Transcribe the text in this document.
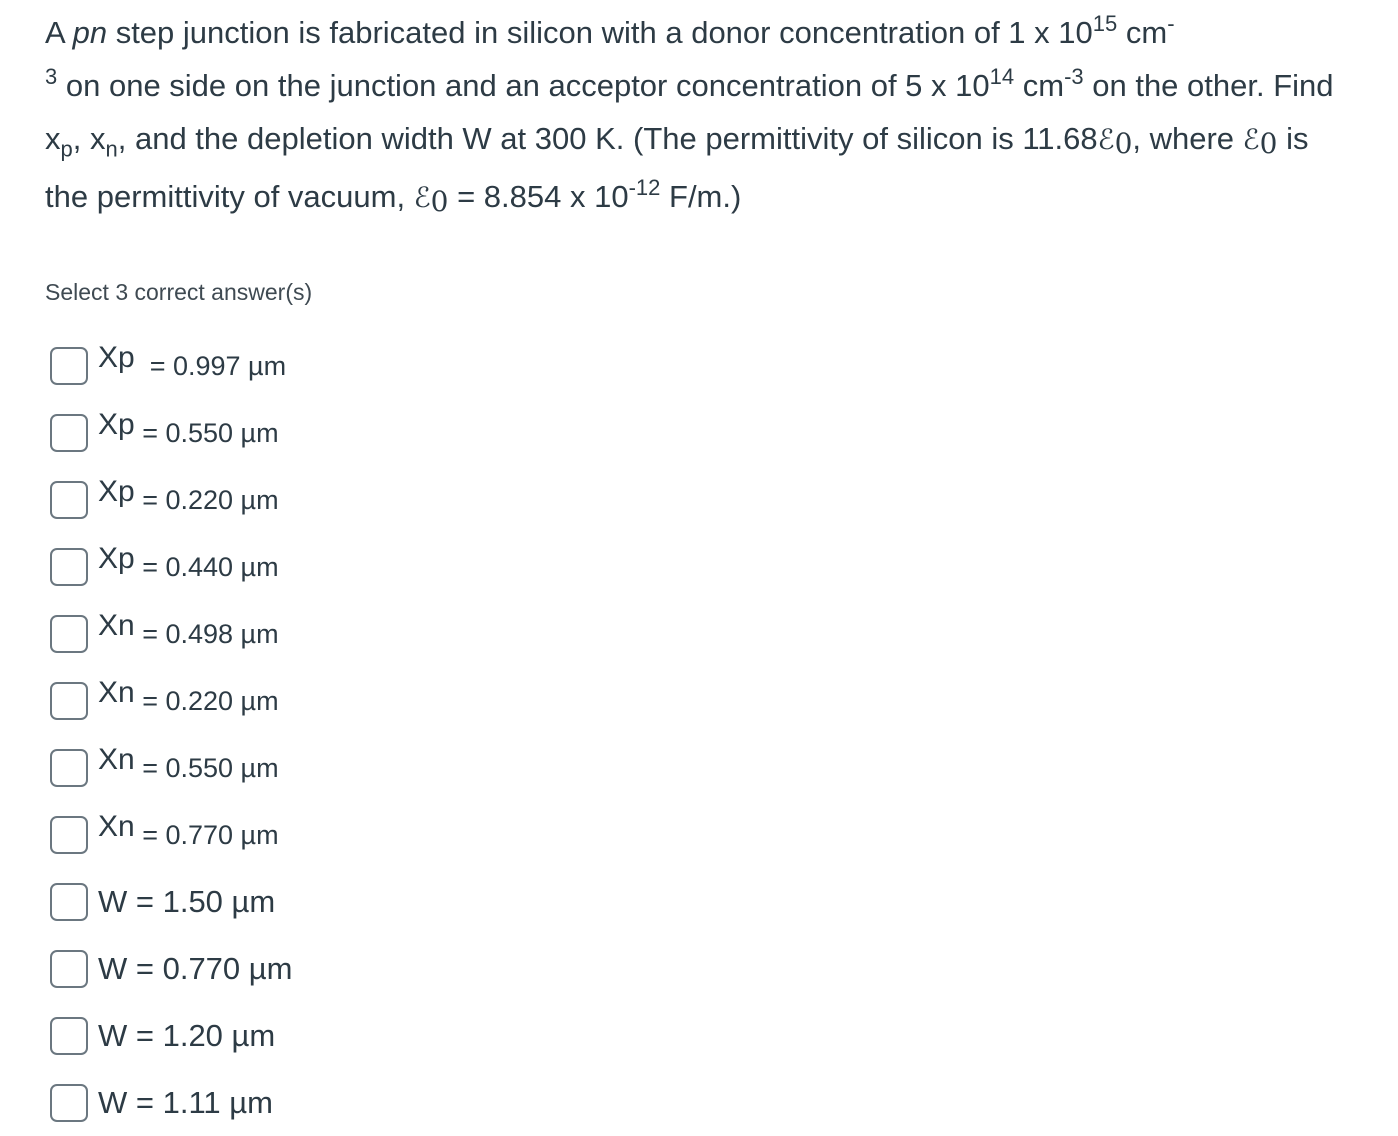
A pn step junction is fabricated in silicon with a donor concentration of 1 x $10^{15}$ cm-
$^3$ on one side on the junction and an acceptor concentration of 5 x $10^{14}$ $cm^{-3}$ on the other. Find $x_p$, $x_n$, and the depletion width W at 300 K. (The permittivity of silicon is 11.68ℰ0, where ℰ0 is the permittivity of vacuum, ℰ0 = 8.854 x $10^{-12}$ F/m.)
Select 3 correct answer(s)
Xp  = 0.997 µm
Xp = 0.550 µm
Xp = 0.220 µm
Xp = 0.440 µm
Xn = 0.498 µm
Xn = 0.220 µm
Xn = 0.550 µm
Xn = 0.770 µm
W = 1.50 µm
W = 0.770 µm
W = 1.20 µm
W = 1.11 µm
